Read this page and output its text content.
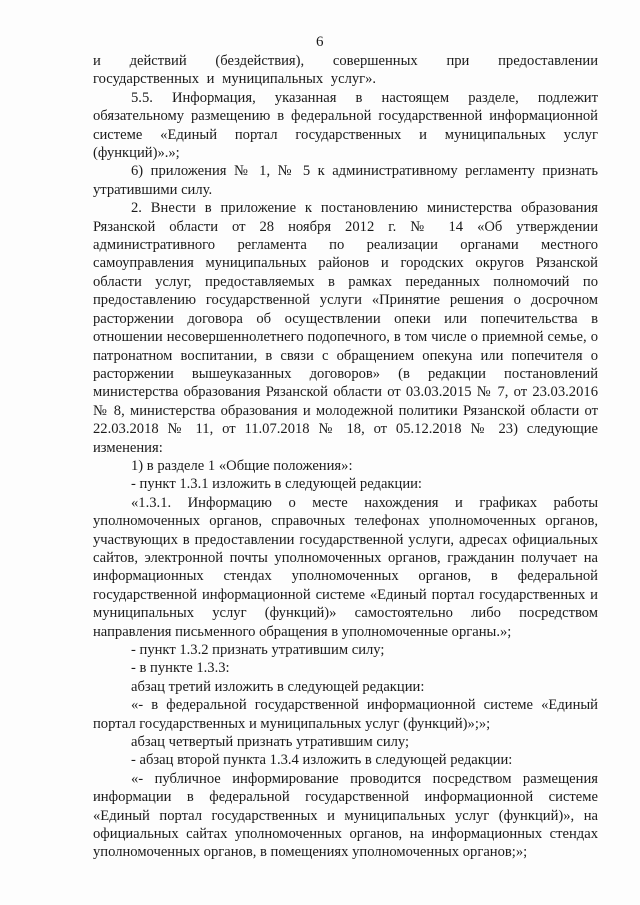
6

и действий (бездействия), совершенных при предоставлении государственных и муниципальных услуг».

5.5. Информация, указанная в настоящем разделе, подлежит обязательному размещению в федеральной государственной информационной системе «Единый портал государственных и муниципальных услуг (функций)».»;

6) приложения № 1, № 5 к административному регламенту признать утратившими силу.

2. Внести в приложение к постановлению министерства образования Рязанской области от 28 ноября 2012 г. № 14 «Об утверждении административного регламента по реализации органами местного самоуправления муниципальных районов и городских округов Рязанской области услуг, предоставляемых в рамках переданных полномочий по предоставлению государственной услуги «Принятие решения о досрочном расторжении договора об осуществлении опеки или попечительства в отношении несовершеннолетнего подопечного, в том числе о приемной семье, о патронатном воспитании, в связи с обращением опекуна или попечителя о расторжении вышеуказанных договоров» (в редакции постановлений министерства образования Рязанской области от 03.03.2015 № 7, от 23.03.2016 № 8, министерства образования и молодежной политики Рязанской области от 22.03.2018 № 11, от 11.07.2018 № 18, от 05.12.2018 № 23) следующие изменения:

1) в разделе 1 «Общие положения»:

- пункт 1.3.1 изложить в следующей редакции:

«1.3.1. Информацию о месте нахождения и графиках работы уполномоченных органов, справочных телефонах уполномоченных органов, участвующих в предоставлении государственной услуги, адресах официальных сайтов, электронной почты уполномоченных органов, гражданин получает на информационных стендах уполномоченных органов, в федеральной государственной информационной системе «Единый портал государственных и муниципальных услуг (функций)» самостоятельно либо посредством направления письменного обращения в уполномоченные органы.»;

- пункт 1.3.2 признать утратившим силу;

- в пункте 1.3.3:

абзац третий изложить в следующей редакции:

«- в федеральной государственной информационной системе «Единый портал государственных и муниципальных услуг (функций)»;»;

абзац четвертый признать утратившим силу;

- абзац второй пункта 1.3.4 изложить в следующей редакции:

«- публичное информирование проводится посредством размещения информации в федеральной государственной информационной системе «Единый портал государственных и муниципальных услуг (функций)», на официальных сайтах уполномоченных органов, на информационных стендах уполномоченных органов, в помещениях уполномоченных органов;»;
